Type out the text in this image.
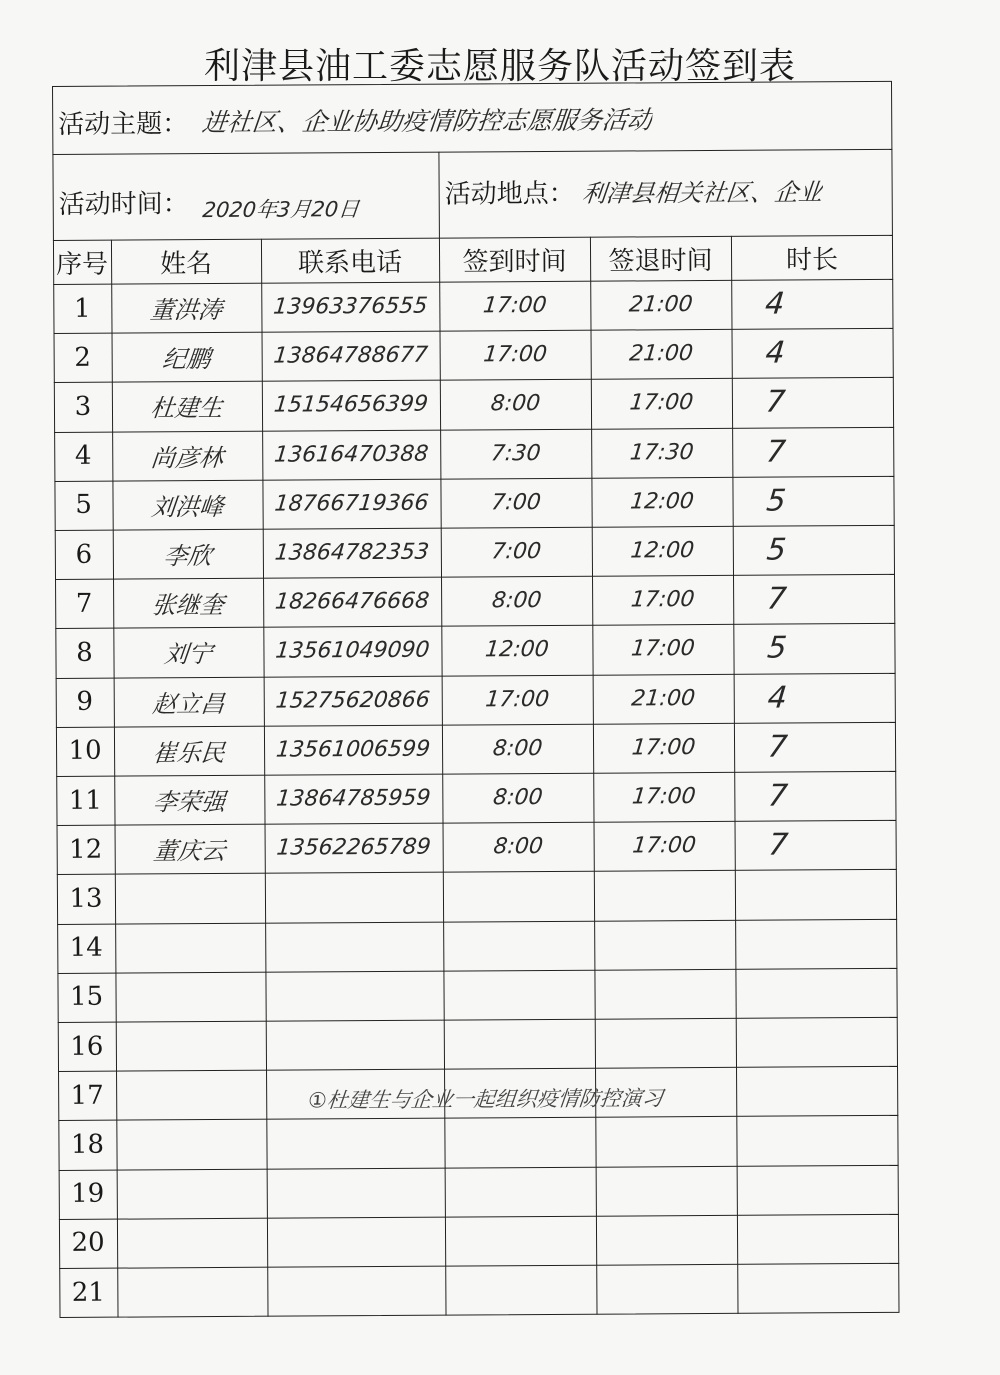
利津县油工委志愿服务队活动签到表
活动主题： 进社区、企业协助疫情防控志愿服务活动
活动时间： 2020年3月20日
活动地点： 利津县相关社区、企业
序号	姓名	联系电话	签到时间	签退时间	时长
1	董洪涛	13963376555	17:00	21:00	4
2	纪鹏	13864788677	17:00	21:00	4
3	杜建生	15154656399	8:00	17:00	7
4	尚彦林	13616470388	7:30	17:30	7
5	刘洪峰	18766719366	7:00	12:00	5
6	李欣	13864782353	7:00	12:00	5
7	张继奎	18266476668	8:00	17:00	7
8	刘宁	13561049090	12:00	17:00	5
9	赵立昌	15275620866	17:00	21:00	4
10	崔乐民	13561006599	8:00	17:00	7
11	李荣强	13864785959	8:00	17:00	7
12	董庆云	13562265789	8:00	17:00	7
13
14
15
16
17
18
19
20
21
①杜建生与企业一起组织疫情防控演习
